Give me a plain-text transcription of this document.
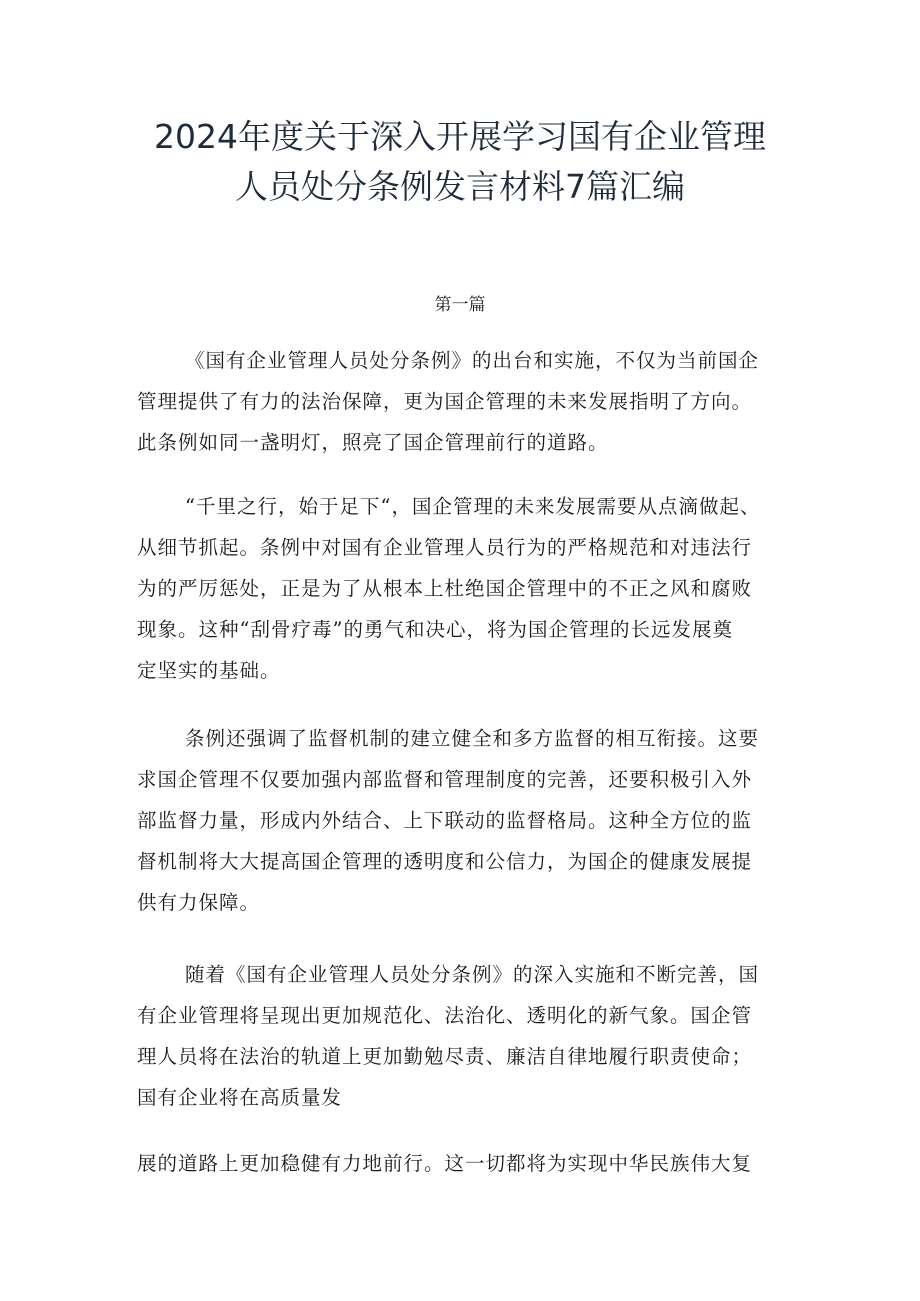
2024年度关于深入开展学习国有企业管理
人员处分条例发言材料7篇汇编
第一篇
《国有企业管理人员处分条例》的出台和实施，不仅为当前国企
管理提供了有力的法治保障，更为国企管理的未来发展指明了方向。
此条例如同一盏明灯，照亮了国企管理前行的道路。
“千里之行，始于足下“，国企管理的未来发展需要从点滴做起、
从细节抓起。条例中对国有企业管理人员行为的严格规范和对违法行
为的严厉惩处，正是为了从根本上杜绝国企管理中的不正之风和腐败
现象。这种“刮骨疗毒”的勇气和决心，将为国企管理的长远发展奠
定坚实的基础。
条例还强调了监督机制的建立健全和多方监督的相互衔接。这要
求国企管理不仅要加强内部监督和管理制度的完善，还要积极引入外
部监督力量，形成内外结合、上下联动的监督格局。这种全方位的监
督机制将大大提高国企管理的透明度和公信力，为国企的健康发展提
供有力保障。
随着《国有企业管理人员处分条例》的深入实施和不断完善，国
有企业管理将呈现出更加规范化、法治化、透明化的新气象。国企管
理人员将在法治的轨道上更加勤勉尽责、廉洁自律地履行职责使命；
国有企业将在高质量发
展的道路上更加稳健有力地前行。这一切都将为实现中华民族伟大复
